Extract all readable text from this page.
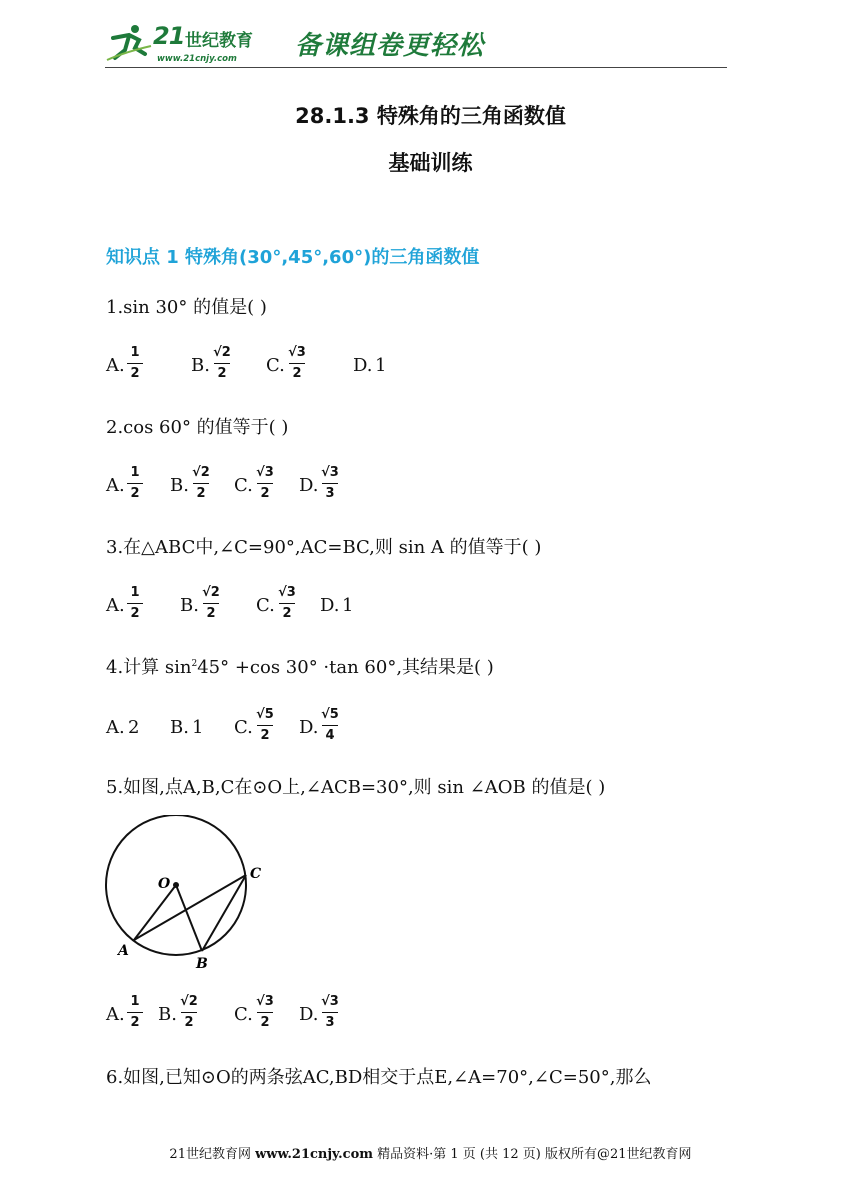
21 世纪教育
www.21cnjy.com 备课组卷更轻松
28.1.3 特殊角的三角函数值
基础训练
知识点 1 特殊角(30°,45°,60°)的三角函数值
1.sin 30° 的值是( )
A.
1
2	B.
√2
2	C.
√3
2	D. 1
2.cos 60° 的值等于( )
A.
1
2	B.
√2
2	C.
√3
2	D.
√3
3
3.在△ABC中,∠C=90°,AC=BC,则 sin A 的值等于( )
A.
1
2	B.
√2
2	C.
√3
2	D. 1
4.计算 $\sin^245^\circ +\cos$ 30° ·tan 60°,其结果是( )
A. 2 B. 1 C.
√5
2	D.
√5
4
5.如图,点A,B,C在⊙O上,∠ACB=30°,则 sin ∠AOB 的值是( )
O
A
B
C
A.
1
2	B.
√2
2	C.
√3
2	D.
√3
3
6.如图,已知⊙O的两条弦AC,BD相交于点E,∠A=70°,∠C=50°,那么
21世纪教育网 www.21cnjy.com 精品资料·第 1 页 (共 12 页) 版权所有@21世纪教育网
